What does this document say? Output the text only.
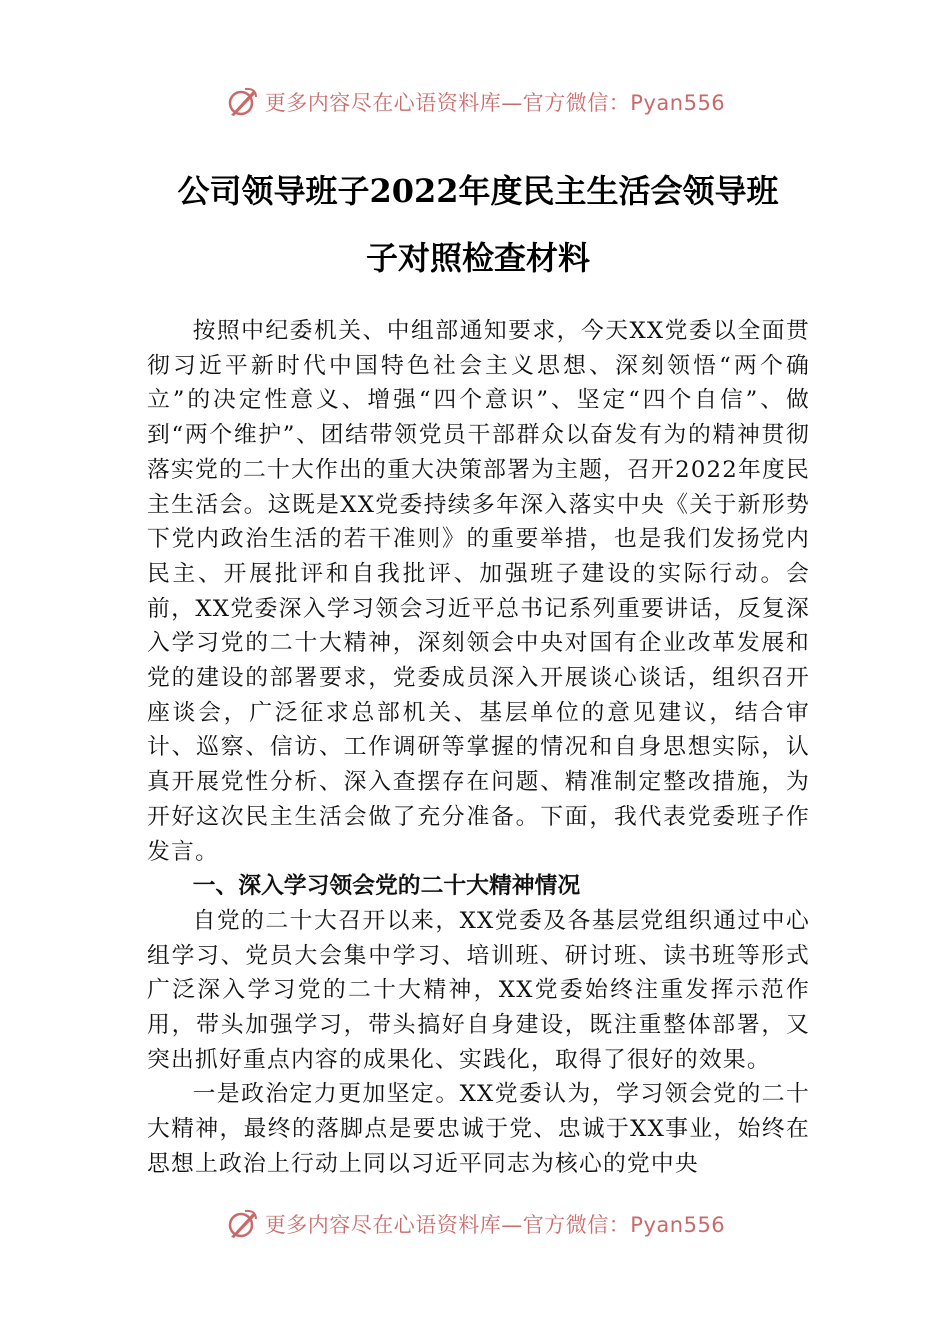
更多内容尽在心语资料库—官方微信：Pyan556
公司领导班子2022年度民主生活会领导班
子对照检查材料

按照中纪委机关、中组部通知要求，今天XX党委以全面贯彻习近平新时代中国特色社会主义思想、深刻领悟“两个确立”的决定性意义、增强“四个意识”、坚定“四个自信”、做到“两个维护”、团结带领党员干部群众以奋发有为的精神贯彻落实党的二十大作出的重大决策部署为主题，召开2022年度民主生活会。这既是XX党委持续多年深入落实中央《关于新形势下党内政治生活的若干准则》的重要举措，也是我们发扬党内民主、开展批评和自我批评、加强班子建设的实际行动。会前，XX党委深入学习领会习近平总书记系列重要讲话，反复深入学习党的二十大精神，深刻领会中央对国有企业改革发展和党的建设的部署要求，党委成员深入开展谈心谈话，组织召开座谈会，广泛征求总部机关、基层单位的意见建议，结合审计、巡察、信访、工作调研等掌握的情况和自身思想实际，认真开展党性分析、深入查摆存在问题、精准制定整改措施，为开好这次民主生活会做了充分准备。下面，我代表党委班子作发言。

一、深入学习领会党的二十大精神情况

自党的二十大召开以来，XX党委及各基层党组织通过中心组学习、党员大会集中学习、培训班、研讨班、读书班等形式广泛深入学习党的二十大精神，XX党委始终注重发挥示范作用，带头加强学习，带头搞好自身建设，既注重整体部署，又突出抓好重点内容的成果化、实践化，取得了很好的效果。

一是政治定力更加坚定。XX党委认为，学习领会党的二十大精神，最终的落脚点是要忠诚于党、忠诚于XX事业，始终在思想上政治上行动上同以习近平同志为核心的党中央

更多内容尽在心语资料库—官方微信：Pyan556
